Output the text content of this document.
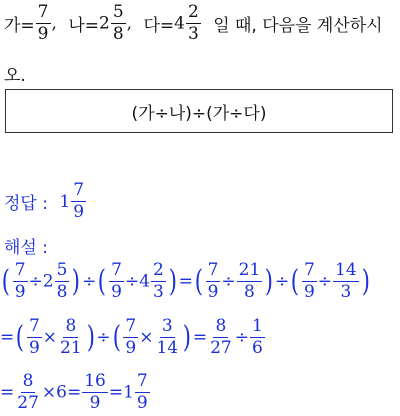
가= $\frac{7}{9}$ , 나$=2 \frac{5}{8}$ , 다$=4 \frac{2}{3}$ 일 때, 다음을 계산하시
오.
(가÷나)÷(가÷다)
정답 : $1 \frac{7}{9}$
해설 :
( $\frac{7}{9} \div 2 \frac{5}{8}$ ) ÷( $\frac{7}{9} \div 4 \frac{2}{3}$ ) =( $\frac{7}{9} \div \frac{21}{8}$ ) ÷( $\frac{7}{9} \div \frac{14}{3}$ )
=( $\frac{7}{9} \times \frac{8}{21}$ ) ÷( $\frac{7}{9} \times \frac{3}{14}$ ) = $\frac{8}{27} \div \frac{1}{6}$
= $\frac{8}{27} \times 6= \frac{16}{9} =1 \frac{7}{9}$
